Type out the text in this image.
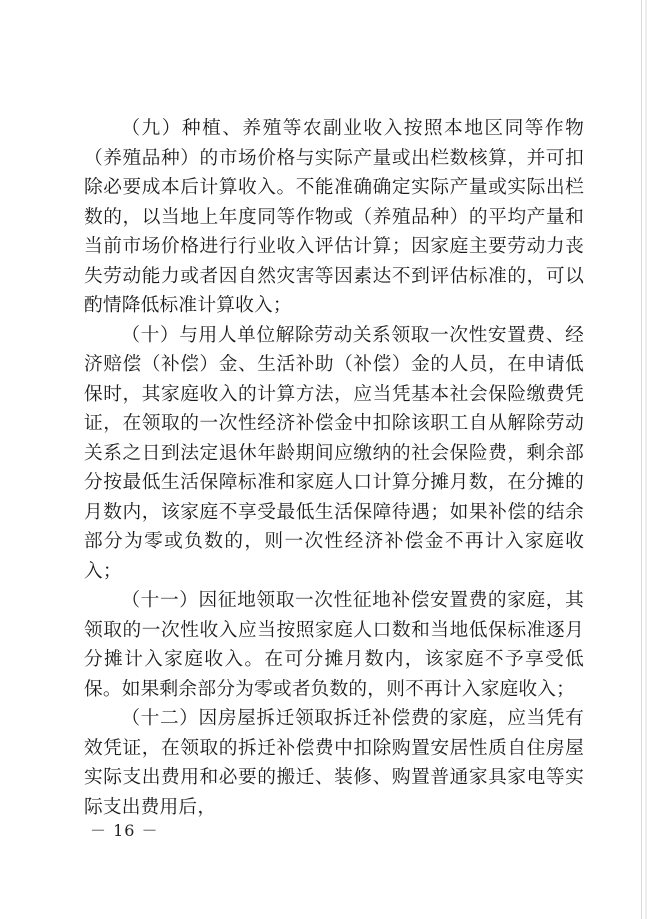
（九）种植、养殖等农副业收入按照本地区同等作物（养殖品种）的市场价格与实际产量或出栏数核算，并可扣除必要成本后计算收入。不能准确确定实际产量或实际出栏数的，以当地上年度同等作物或（养殖品种）的平均产量和当前市场价格进行行业收入评估计算；因家庭主要劳动力丧失劳动能力或者因自然灾害等因素达不到评估标准的，可以酌情降低标准计算收入；

（十）与用人单位解除劳动关系领取一次性安置费、经济赔偿（补偿）金、生活补助（补偿）金的人员，在申请低保时，其家庭收入的计算方法，应当凭基本社会保险缴费凭证，在领取的一次性经济补偿金中扣除该职工自从解除劳动关系之日到法定退休年龄期间应缴纳的社会保险费，剩余部分按最低生活保障标准和家庭人口计算分摊月数，在分摊的月数内，该家庭不享受最低生活保障待遇；如果补偿的结余部分为零或负数的，则一次性经济补偿金不再计入家庭收入；

（十一）因征地领取一次性征地补偿安置费的家庭，其领取的一次性收入应当按照家庭人口数和当地低保标准逐月分摊计入家庭收入。在可分摊月数内，该家庭不予享受低保。如果剩余部分为零或者负数的，则不再计入家庭收入；

（十二）因房屋拆迁领取拆迁补偿费的家庭，应当凭有效凭证，在领取的拆迁补偿费中扣除购置安居性质自住房屋实际支出费用和必要的搬迁、装修、购置普通家具家电等实际支出费用后，

－ 16 －
